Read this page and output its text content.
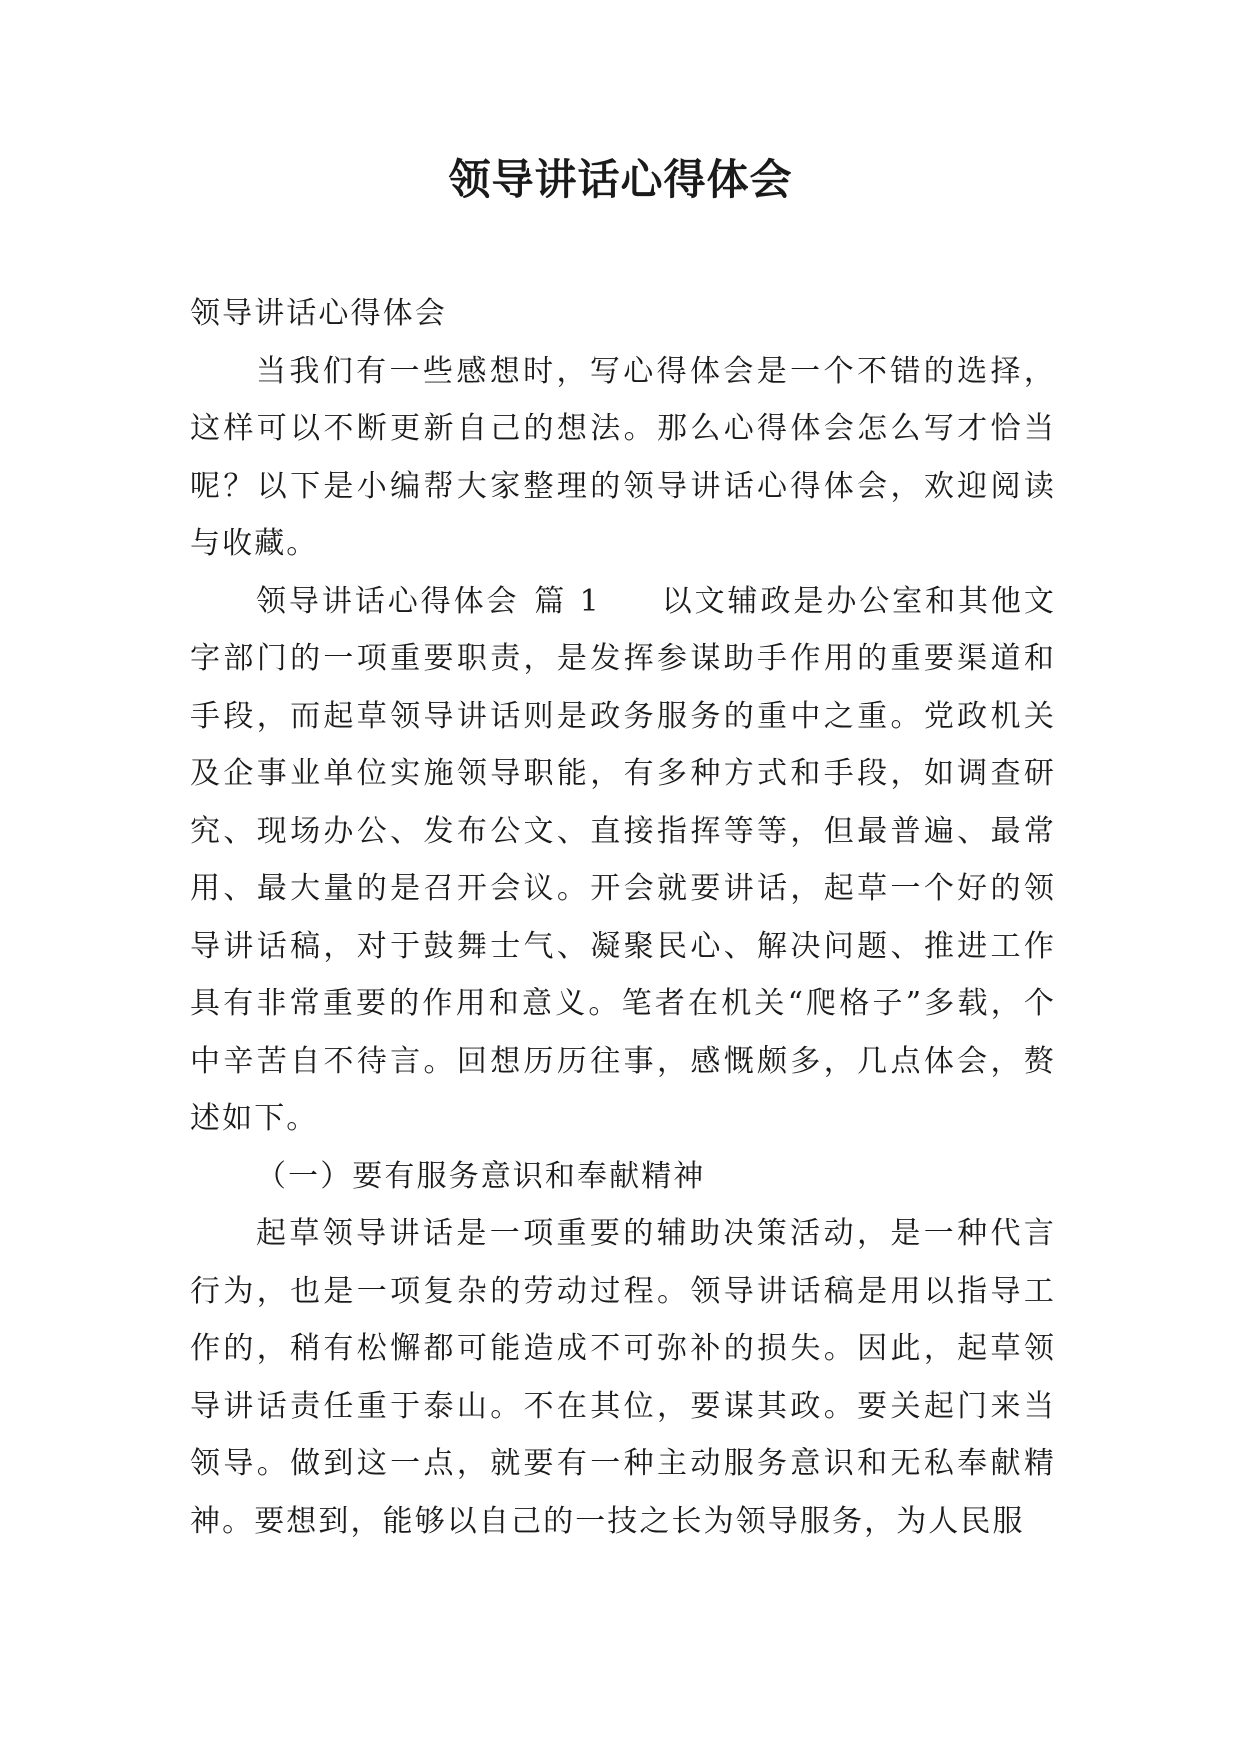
领导讲话心得体会

领导讲话心得体会

当我们有一些感想时，写心得体会是一个不错的选择，这样可以不断更新自己的想法。那么心得体会怎么写才恰当呢？以下是小编帮大家整理的领导讲话心得体会，欢迎阅读与收藏。

领导讲话心得体会 篇 1 以文辅政是办公室和其他文字部门的一项重要职责，是发挥参谋助手作用的重要渠道和手段，而起草领导讲话则是政务服务的重中之重。党政机关及企事业单位实施领导职能，有多种方式和手段，如调查研究、现场办公、发布公文、直接指挥等等，但最普遍、最常用、最大量的是召开会议。开会就要讲话，起草一个好的领导讲话稿，对于鼓舞士气、凝聚民心、解决问题、推进工作具有非常重要的作用和意义。笔者在机关“爬格子”多载，个中辛苦自不待言。回想历历往事，感慨颇多，几点体会，赘述如下。

（一）要有服务意识和奉献精神

起草领导讲话是一项重要的辅助决策活动，是一种代言行为，也是一项复杂的劳动过程。领导讲话稿是用以指导工作的，稍有松懈都可能造成不可弥补的损失。因此，起草领导讲话责任重于泰山。不在其位，要谋其政。要关起门来当领导。做到这一点，就要有一种主动服务意识和无私奉献精神。要想到，能够以自己的一技之长为领导服务，为人民服
